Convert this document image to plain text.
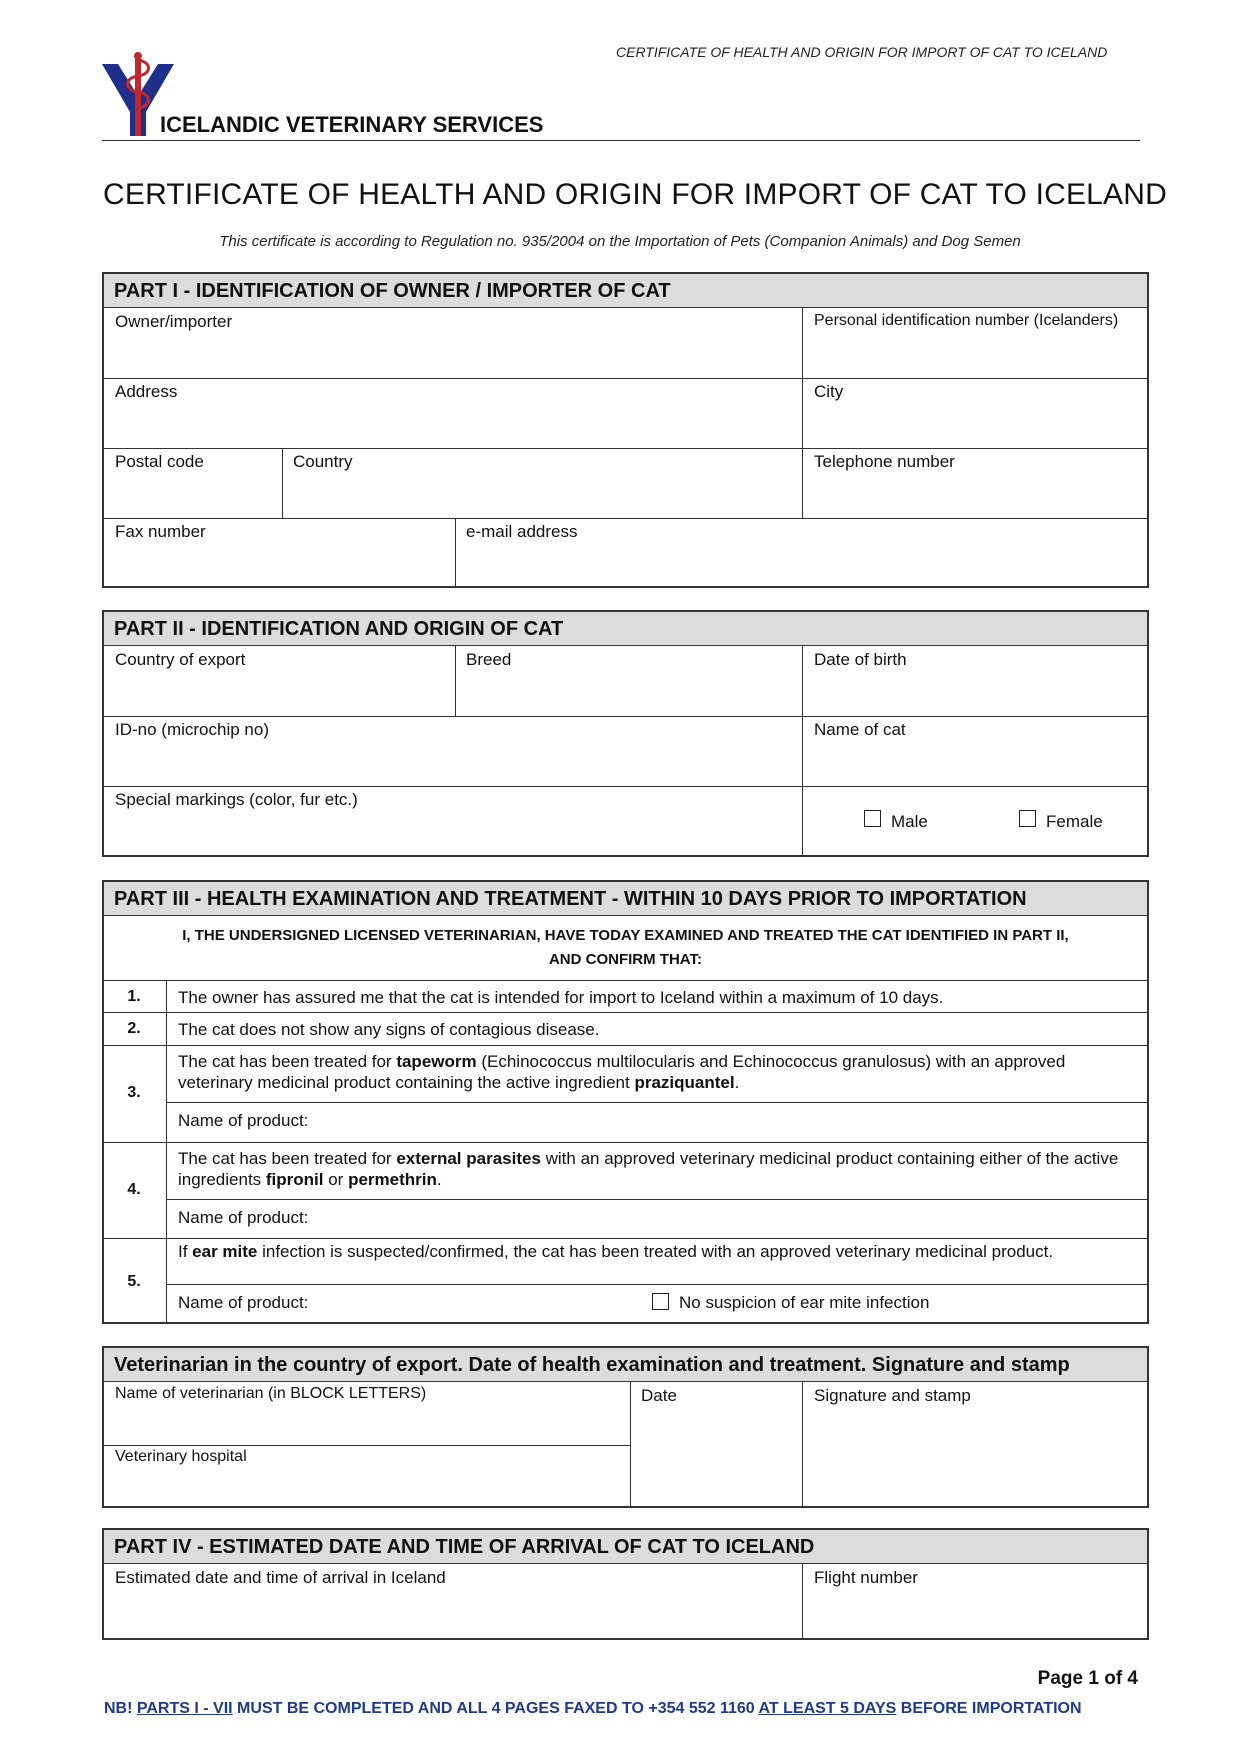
CERTIFICATE OF HEALTH AND ORIGIN FOR IMPORT OF CAT TO ICELAND
ICELANDIC VETERINARY SERVICES
CERTIFICATE OF HEALTH AND ORIGIN FOR IMPORT OF CAT TO ICELAND
This certificate is according to Regulation no. 935/2004 on the Importation of Pets (Companion Animals) and Dog Semen
PART I - IDENTIFICATION OF OWNER / IMPORTER OF CAT
Owner/importer	Personal identification number (Icelanders)
Address	City
Postal code	Country	Telephone number
Fax number	e-mail address
PART II - IDENTIFICATION AND ORIGIN OF CAT
Country of export	Breed	Date of birth
ID-no (microchip no)	Name of cat
Special markings (color, fur etc.)
Male	Female
PART III - HEALTH EXAMINATION AND TREATMENT - WITHIN 10 DAYS PRIOR TO IMPORTATION
I, THE UNDERSIGNED LICENSED VETERINARIAN, HAVE TODAY EXAMINED AND TREATED THE CAT IDENTIFIED IN PART II,
AND CONFIRM THAT:
1.	The owner has assured me that the cat is intended for import to Iceland within a maximum of 10 days.
2.	The cat does not show any signs of contagious disease.
3.
The cat has been treated for tapeworm (Echinococcus multilocularis and Echinococcus granulosus) with an approved veterinary medicinal product containing the active ingredient praziquantel.
Name of product:
4.
The cat has been treated for external parasites with an approved veterinary medicinal product containing either of the active ingredients fipronil or permethrin.
Name of product:
5.
If ear mite infection is suspected/confirmed, the cat has been treated with an approved veterinary medicinal product.
Name of product:	No suspicion of ear mite infection
Veterinarian in the country of export. Date of health examination and treatment. Signature and stamp
Name of veterinarian (in BLOCK LETTERS)	Date	Signature and stamp
Veterinary hospital
PART IV - ESTIMATED DATE AND TIME OF ARRIVAL OF CAT TO ICELAND
Estimated date and time of arrival in Iceland	Flight number
Page 1 of 4
NB! PARTS I - VII MUST BE COMPLETED AND ALL 4 PAGES FAXED TO +354 552 1160 AT LEAST 5 DAYS BEFORE IMPORTATION
